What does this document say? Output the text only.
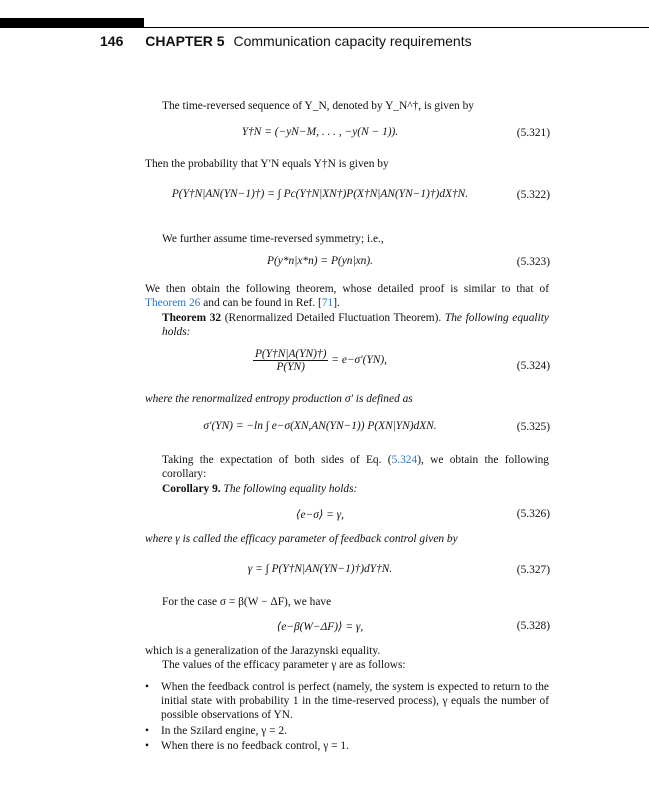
146 CHAPTER 5 Communication capacity requirements
The time-reversed sequence of Y_N, denoted by Y_N^†, is given by
Y†N = (−yN−M, . . . , −y(N − 1)).	(5.321)
Then the probability that Y′N equals Y†N is given by
P(Y†N|AN(YN−1)†) = ∫ Pc(Y†N|XN†)P(X†N|AN(YN−1)†)dX†N.	(5.322)
We further assume time-reversed symmetry; i.e.,
P(y*n|x*n) = P(yn|xn).	(5.323)
We then obtain the following theorem, whose detailed proof is similar to that of Theorem 26 and can be found in Ref. [71].
Theorem 32 (Renormalized Detailed Fluctuation Theorem). The following equality holds:
$\frac{P(Y\dagger N|A(YN)\dagger)}{P(YN)} = e-\sigma'(YN)$,	(5.324)
where the renormalized entropy production σ′ is defined as
σ′(YN) = −ln ∫ e−σ(XN,AN(YN−1)) P(XN|YN)dXN.	(5.325)
Taking the expectation of both sides of Eq. (5.324), we obtain the following corollary:
Corollary 9. The following equality holds:
⟨e−σ⟩ = γ,	(5.326)
where γ is called the efficacy parameter of feedback control given by
γ = ∫ P(Y†N|AN(YN−1)†)dY†N.	(5.327)
For the case σ = β(W − ΔF), we have
⟨e−β(W−ΔF)⟩ = γ,	(5.328)
which is a generalization of the Jarazynski equality.
The values of the efficacy parameter γ are as follows:
• When the feedback control is perfect (namely, the system is expected to return to the initial state with probability 1 in the time-reserved process), γ equals the number of possible observations of YN.
• In the Szilard engine, γ = 2.
• When there is no feedback control, γ = 1.
